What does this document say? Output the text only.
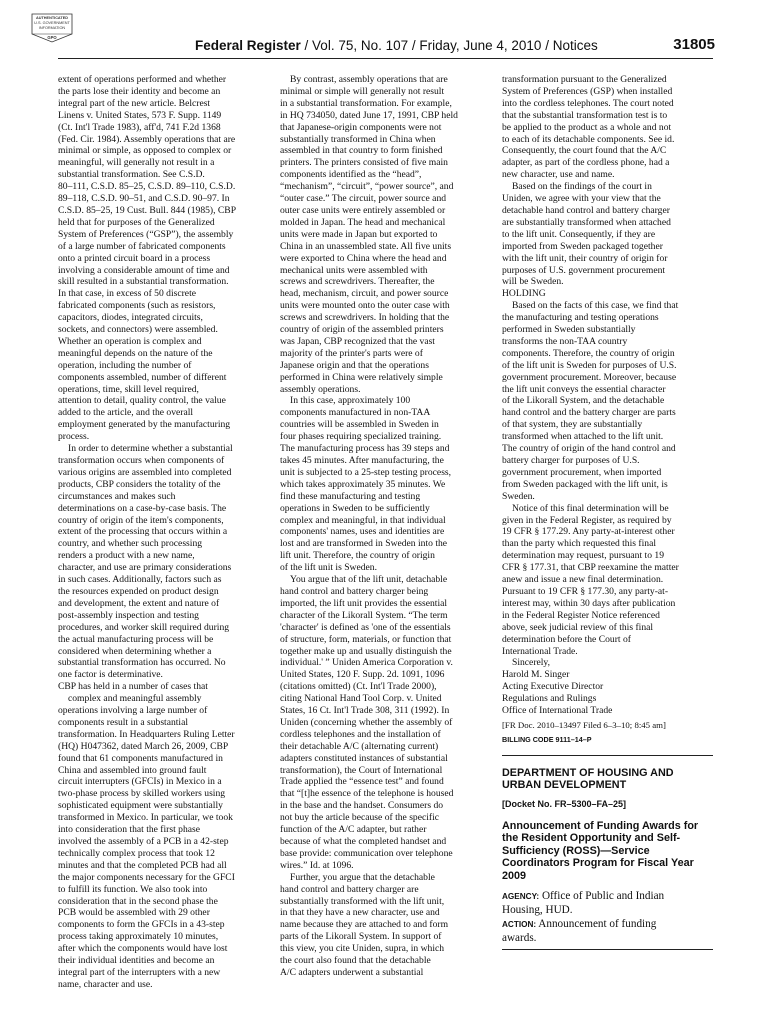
AUTHENTICATED
U.S. GOVERNMENT
INFORMATION
GPO
Federal Register / Vol. 75, No. 107 / Friday, June 4, 2010 / Notices	31805

extent of operations performed and whether

the parts lose their identity and become an

integral part of the new article. Belcrest

Linens v. United States, 573 F. Supp. 1149

(Ct. Int'l Trade 1983), aff'd, 741 F.2d 1368

(Fed. Cir. 1984). Assembly operations that are

minimal or simple, as opposed to complex or

meaningful, will generally not result in a

substantial transformation. See C.S.D.

80–111, C.S.D. 85–25, C.S.D. 89–110, C.S.D.

89–118, C.S.D. 90–51, and C.S.D. 90–97. In

C.S.D. 85–25, 19 Cust. Bull. 844 (1985), CBP

held that for purposes of the Generalized

System of Preferences (“GSP”), the assembly

of a large number of fabricated components

onto a printed circuit board in a process

involving a considerable amount of time and

skill resulted in a substantial transformation.

In that case, in excess of 50 discrete

fabricated components (such as resistors,

capacitors, diodes, integrated circuits,

sockets, and connectors) were assembled.

Whether an operation is complex and

meaningful depends on the nature of the

operation, including the number of

components assembled, number of different

operations, time, skill level required,

attention to detail, quality control, the value

added to the article, and the overall

employment generated by the manufacturing

process.

In order to determine whether a substantial

transformation occurs when components of

various origins are assembled into completed

products, CBP considers the totality of the

circumstances and makes such

determinations on a case-by-case basis. The

country of origin of the item's components,

extent of the processing that occurs within a

country, and whether such processing

renders a product with a new name,

character, and use are primary considerations

in such cases. Additionally, factors such as

the resources expended on product design

and development, the extent and nature of

post-assembly inspection and testing

procedures, and worker skill required during

the actual manufacturing process will be

considered when determining whether a

substantial transformation has occurred. No

one factor is determinative.

CBP has held in a number of cases that

complex and meaningful assembly

operations involving a large number of

components result in a substantial

transformation. In Headquarters Ruling Letter

(HQ) H047362, dated March 26, 2009, CBP

found that 61 components manufactured in

China and assembled into ground fault

circuit interrupters (GFCIs) in Mexico in a

two-phase process by skilled workers using

sophisticated equipment were substantially

transformed in Mexico. In particular, we took

into consideration that the first phase

involved the assembly of a PCB in a 42-step

technically complex process that took 12

minutes and that the completed PCB had all

the major components necessary for the GFCI

to fulfill its function. We also took into

consideration that in the second phase the

PCB would be assembled with 29 other

components to form the GFCIs in a 43-step

process taking approximately 10 minutes,

after which the components would have lost

their individual identities and become an

integral part of the interrupters with a new

name, character and use.

By contrast, assembly operations that are

minimal or simple will generally not result

in a substantial transformation. For example,

in HQ 734050, dated June 17, 1991, CBP held

that Japanese-origin components were not

substantially transformed in China when

assembled in that country to form finished

printers. The printers consisted of five main

components identified as the “head”,

“mechanism”, “circuit”, “power source”, and

“outer case.” The circuit, power source and

outer case units were entirely assembled or

molded in Japan. The head and mechanical

units were made in Japan but exported to

China in an unassembled state. All five units

were exported to China where the head and

mechanical units were assembled with

screws and screwdrivers. Thereafter, the

head, mechanism, circuit, and power source

units were mounted onto the outer case with

screws and screwdrivers. In holding that the

country of origin of the assembled printers

was Japan, CBP recognized that the vast

majority of the printer's parts were of

Japanese origin and that the operations

performed in China were relatively simple

assembly operations.

In this case, approximately 100

components manufactured in non-TAA

countries will be assembled in Sweden in

four phases requiring specialized training.

The manufacturing process has 39 steps and

takes 45 minutes. After manufacturing, the

unit is subjected to a 25-step testing process,

which takes approximately 35 minutes. We

find these manufacturing and testing

operations in Sweden to be sufficiently

complex and meaningful, in that individual

components' names, uses and identities are

lost and are transformed in Sweden into the

lift unit. Therefore, the country of origin

of the lift unit is Sweden.

You argue that of the lift unit, detachable

hand control and battery charger being

imported, the lift unit provides the essential

character of the Likorall System. “The term

'character' is defined as 'one of the essentials

of structure, form, materials, or function that

together make up and usually distinguish the

individual.' ” Uniden America Corporation v.

United States, 120 F. Supp. 2d. 1091, 1096

(citations omitted) (Ct. Int'l Trade 2000),

citing National Hand Tool Corp. v. United

States, 16 Ct. Int'l Trade 308, 311 (1992). In

Uniden (concerning whether the assembly of

cordless telephones and the installation of

their detachable A/C (alternating current)

adapters constituted instances of substantial

transformation), the Court of International

Trade applied the “essence test” and found

that “[t]he essence of the telephone is housed

in the base and the handset. Consumers do

not buy the article because of the specific

function of the A/C adapter, but rather

because of what the completed handset and

base provide: communication over telephone

wires.” Id. at 1096.

Further, you argue that the detachable

hand control and battery charger are

substantially transformed with the lift unit,

in that they have a new character, use and

name because they are attached to and form

parts of the Likorall System. In support of

this view, you cite Uniden, supra, in which

the court also found that the detachable

A/C adapters underwent a substantial

transformation pursuant to the Generalized

System of Preferences (GSP) when installed

into the cordless telephones. The court noted

that the substantial transformation test is to

be applied to the product as a whole and not

to each of its detachable components. See id.

Consequently, the court found that the A/C

adapter, as part of the cordless phone, had a

new character, use and name.

Based on the findings of the court in

Uniden, we agree with your view that the

detachable hand control and battery charger

are substantially transformed when attached

to the lift unit. Consequently, if they are

imported from Sweden packaged together

with the lift unit, their country of origin for

purposes of U.S. government procurement

will be Sweden.

HOLDING

Based on the facts of this case, we find that

the manufacturing and testing operations

performed in Sweden substantially

transforms the non-TAA country

components. Therefore, the country of origin

of the lift unit is Sweden for purposes of U.S.

government procurement. Moreover, because

the lift unit conveys the essential character

of the Likorall System, and the detachable

hand control and the battery charger are parts

of that system, they are substantially

transformed when attached to the lift unit.

The country of origin of the hand control and

battery charger for purposes of U.S.

government procurement, when imported

from Sweden packaged with the lift unit, is

Sweden.

Notice of this final determination will be

given in the Federal Register, as required by

19 CFR § 177.29. Any party-at-interest other

than the party which requested this final

determination may request, pursuant to 19

CFR § 177.31, that CBP reexamine the matter

anew and issue a new final determination.

Pursuant to 19 CFR § 177.30, any party-at-

interest may, within 30 days after publication

in the Federal Register Notice referenced

above, seek judicial review of this final

determination before the Court of

International Trade.

Sincerely,

Harold M. Singer

Acting Executive Director

Regulations and Rulings

Office of International Trade

[FR Doc. 2010–13497 Filed 6–3–10; 8:45 am]

BILLING CODE 9111–14–P

DEPARTMENT OF HOUSING AND

URBAN DEVELOPMENT

[Docket No. FR–5300–FA–25]

Announcement of Funding Awards for

the Resident Opportunity and Self-

Sufficiency (ROSS)—Service

Coordinators Program for Fiscal Year

2009

AGENCY: Office of Public and Indian

Housing, HUD.

ACTION: Announcement of funding

awards.
